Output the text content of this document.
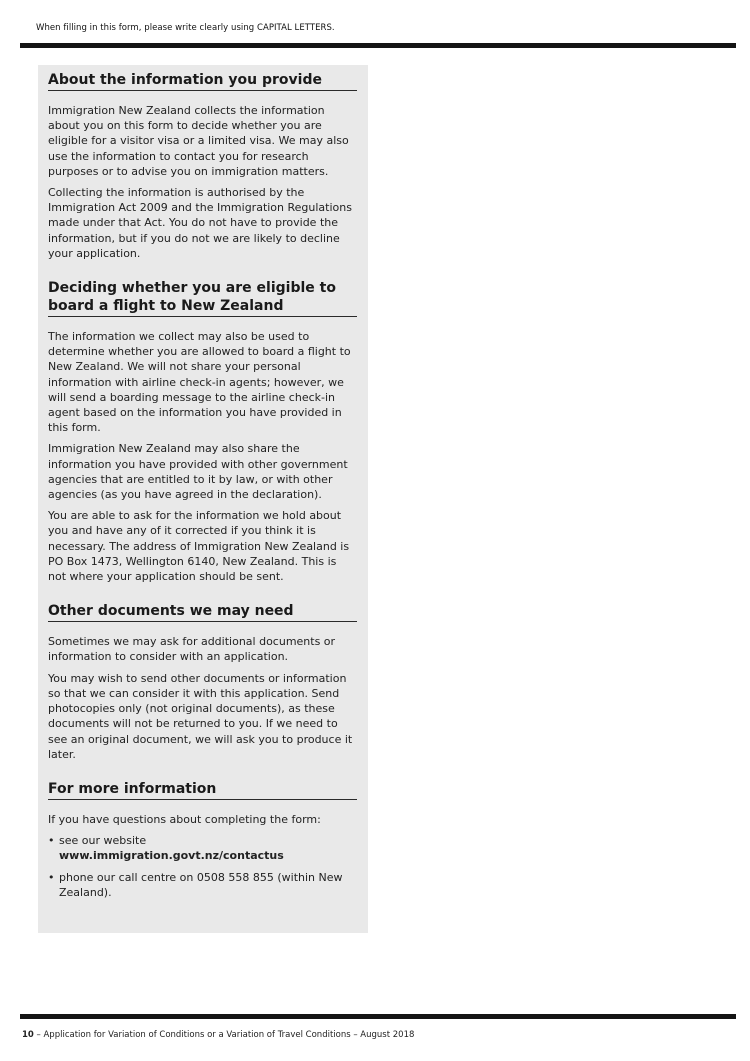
When filling in this form, please write clearly using CAPITAL LETTERS.
About the information you provide

Immigration New Zealand collects the information about you on this form to decide whether you are eligible for a visitor visa or a limited visa. We may also use the information to contact you for research purposes or to advise you on immigration matters.

Collecting the information is authorised by the Immigration Act 2009 and the Immigration Regulations made under that Act. You do not have to provide the information, but if you do not we are likely to decline your application.

Deciding whether you are eligible to board a flight to New Zealand

The information we collect may also be used to determine whether you are allowed to board a flight to New Zealand. We will not share your personal information with airline check-in agents; however, we will send a boarding message to the airline check-in agent based on the information you have provided in this form.

Immigration New Zealand may also share the information you have provided with other government agencies that are entitled to it by law, or with other agencies (as you have agreed in the declaration).

You are able to ask for the information we hold about you and have any of it corrected if you think it is necessary. The address of Immigration New Zealand is PO Box 1473, Wellington 6140, New Zealand. This is not where your application should be sent.

Other documents we may need

Sometimes we may ask for additional documents or information to consider with an application.

You may wish to send other documents or information so that we can consider it with this application. Send photocopies only (not original documents), as these documents will not be returned to you. If we need to see an original document, we will ask you to produce it later.

For more information

If you have questions about completing the form:

• see our website www.immigration.govt.nz/contactus
• phone our call centre on 0508 558 855 (within New Zealand).
10 – Application for Variation of Conditions or a Variation of Travel Conditions – August 2018
